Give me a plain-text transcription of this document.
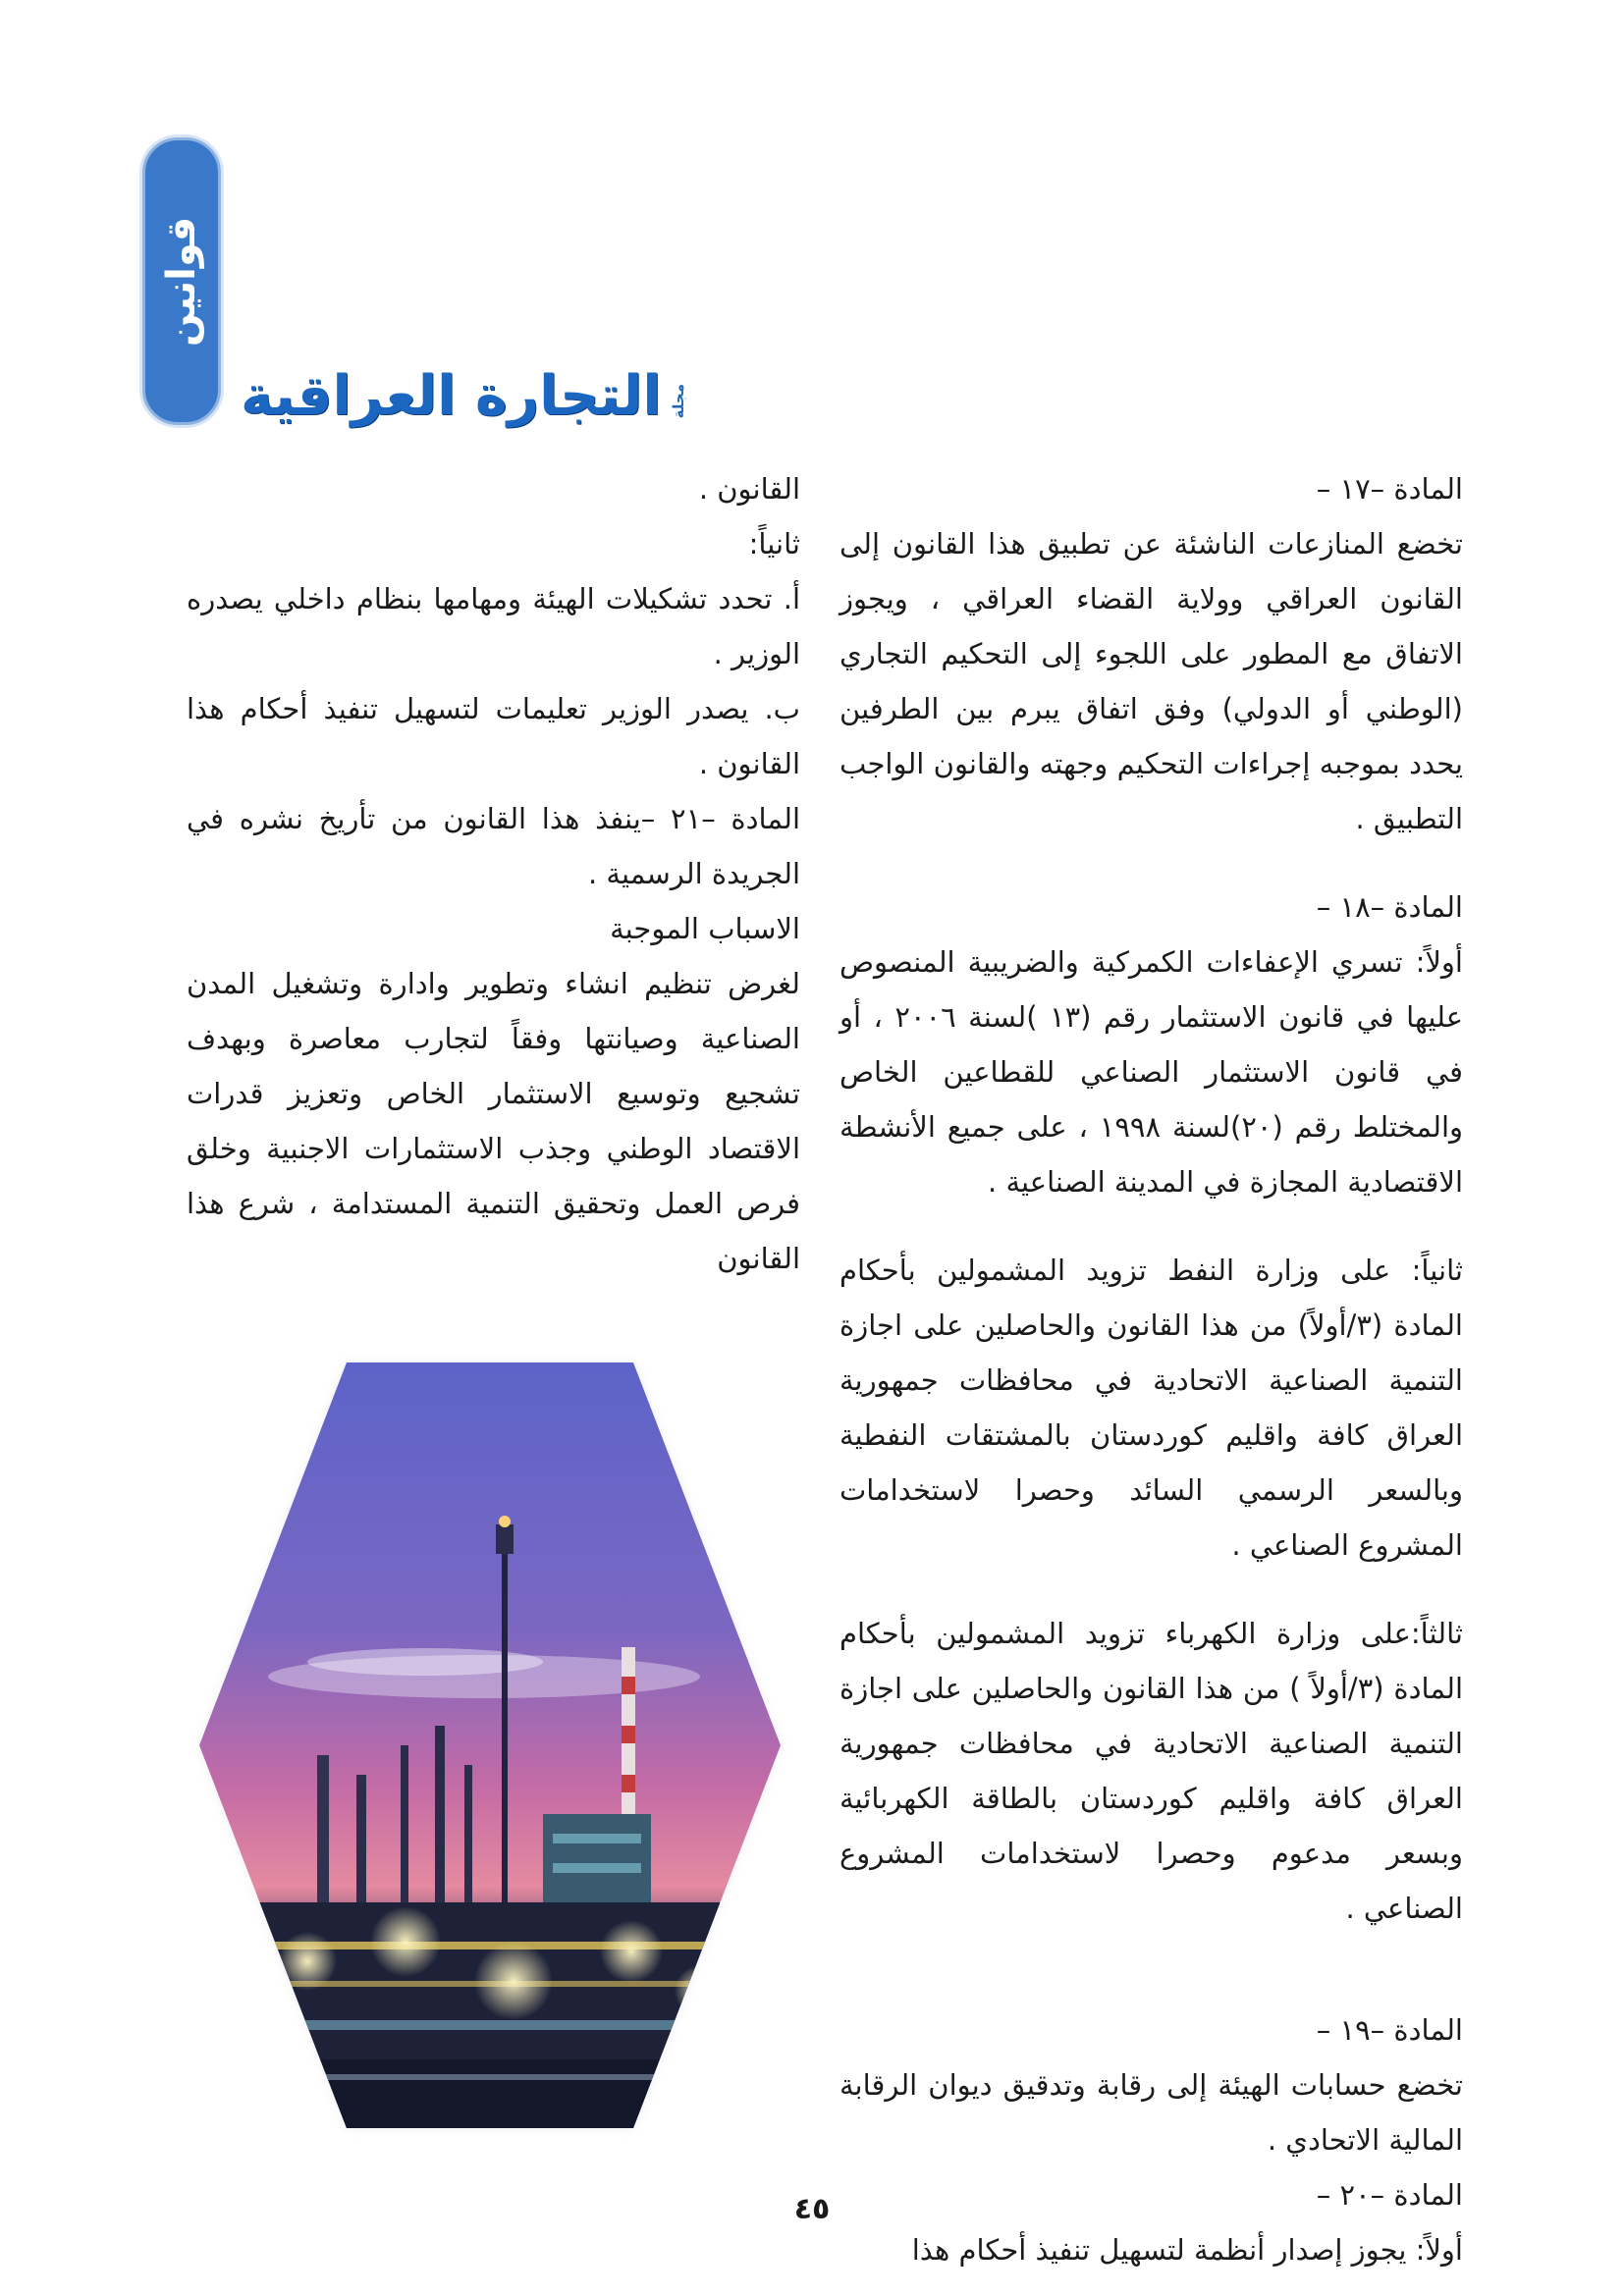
قوانين
مجلة
التجارة العراقية

المادة –١٧ –

تخضع المنازعات الناشئة عن تطبيق هذا القانون إلى القانون العراقي وولاية القضاء العراقي ، ويجوز الاتفاق مع المطور على اللجوء إلى التحكيم التجاري (الوطني أو الدولي) وفق اتفاق يبرم بين الطرفين يحدد بموجبه إجراءات التحكيم وجهته والقانون الواجب التطبيق .

المادة –١٨ –

أولاً: تسري الإعفاءات الكمركية والضريبية المنصوص عليها في قانون الاستثمار رقم (١٣ )لسنة ٢٠٠٦ ، أو في قانون الاستثمار الصناعي للقطاعين الخاص والمختلط رقم (٢٠)لسنة ١٩٩٨ ، على جميع الأنشطة الاقتصادية المجازة في المدينة الصناعية .

ثانياً: على وزارة النفط تزويد المشمولين بأحكام المادة (٣/أولاً) من هذا القانون والحاصلين على اجازة التنمية الصناعية الاتحادية في محافظات جمهورية العراق كافة واقليم كوردستان بالمشتقات النفطية وبالسعر الرسمي السائد وحصرا لاستخدامات المشروع الصناعي .

ثالثاً:على وزارة الكهرباء تزويد المشمولين بأحكام المادة (٣/أولاً ) من هذا القانون والحاصلين على اجازة التنمية الصناعية الاتحادية في محافظات جمهورية العراق كافة واقليم كوردستان بالطاقة الكهربائية وبسعر مدعوم وحصرا لاستخدامات المشروع الصناعي .

المادة –١٩ –

تخضع حسابات الهيئة إلى رقابة وتدقيق ديوان الرقابة المالية الاتحادي .

المادة –٢٠ –

أولاً: يجوز إصدار أنظمة لتسهيل تنفيذ أحكام هذا

القانون .

ثانياً:

أ. تحدد تشكيلات الهيئة ومهامها بنظام داخلي يصدره الوزير .

ب. يصدر الوزير تعليمات لتسهيل تنفيذ أحكام هذا القانون .

المادة –٢١ –ينفذ هذا القانون من تأريخ نشره في الجريدة الرسمية .

الاسباب الموجبة

لغرض تنظيم انشاء وتطوير وادارة وتشغيل المدن الصناعية وصيانتها وفقاً لتجارب معاصرة وبهدف تشجيع وتوسيع الاستثمار الخاص وتعزيز قدرات الاقتصاد الوطني وجذب الاستثمارات الاجنبية وخلق فرص العمل وتحقيق التنمية المستدامة ، شرع هذا القانون

٤٥
